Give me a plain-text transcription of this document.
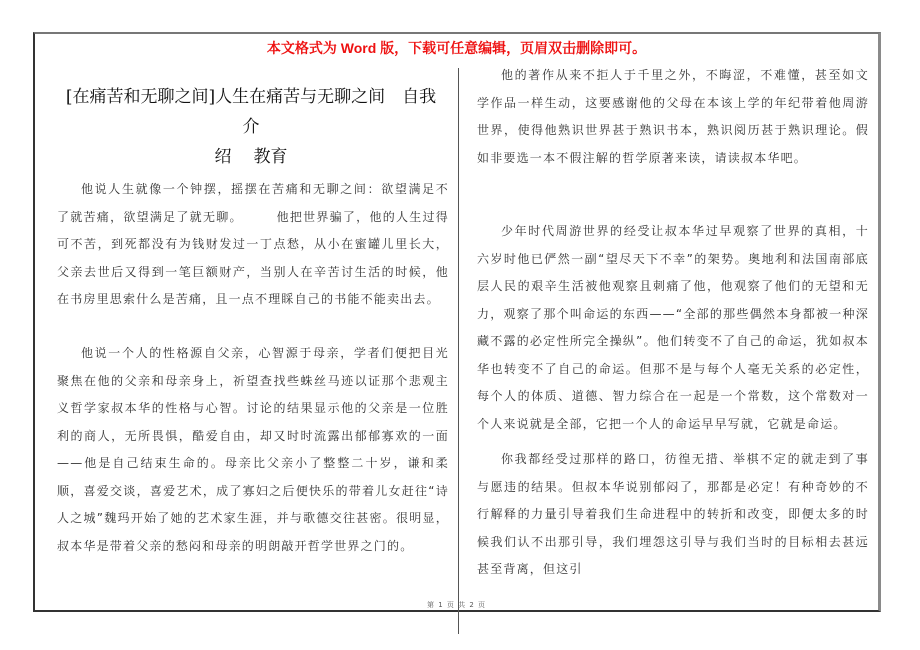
本文格式为 Word 版，下载可任意编辑，页眉双击删除即可。
[在痛苦和无聊之间]人生在痛苦与无聊之间　自我介
绍 教育

他说人生就像一个钟摆，摇摆在苦痛和无聊之间：欲望满足不了就苦痛，欲望满足了就无聊。　　　他把世界骗了，他的人生过得可不苦，到死都没有为钱财发过一丁点愁，从小在蜜罐儿里长大，父亲去世后又得到一笔巨额财产，当别人在辛苦讨生活的时候，他在书房里思索什么是苦痛，且一点不理睬自己的书能不能卖出去。

他说一个人的性格源自父亲，心智源于母亲，学者们便把目光聚焦在他的父亲和母亲身上，祈望查找些蛛丝马迹以证那个悲观主义哲学家叔本华的性格与心智。讨论的结果显示他的父亲是一位胜利的商人，无所畏惧，酷爱自由，却又时时流露出郁郁寡欢的一面——他是自己结束生命的。母亲比父亲小了整整二十岁，谦和柔顺，喜爱交谈，喜爱艺术，成了寡妇之后便快乐的带着儿女赶往“诗人之城”魏玛开始了她的艺术家生涯，并与歌德交往甚密。很明显，叔本华是带着父亲的愁闷和母亲的明朗敲开哲学世界之门的。

他的著作从来不拒人于千里之外，不晦涩，不难懂，甚至如文学作品一样生动，这要感谢他的父母在本该上学的年纪带着他周游世界，使得他熟识世界甚于熟识书本，熟识阅历甚于熟识理论。假如非要选一本不假注解的哲学原著来读，请读叔本华吧。

少年时代周游世界的经受让叔本华过早观察了世界的真相，十六岁时他已俨然一副“望尽天下不幸”的架势。奥地利和法国南部底层人民的艰辛生活被他观察且刺痛了他，他观察了他们的无望和无力，观察了那个叫命运的东西——“全部的那些偶然本身都被一种深藏不露的必定性所完全操纵”。他们转变不了自己的命运，犹如叔本华也转变不了自己的命运。但那不是与每个人毫无关系的必定性，每个人的体质、道德、智力综合在一起是一个常数，这个常数对一个人来说就是全部，它把一个人的命运早早写就，它就是命运。

你我都经受过那样的路口，彷徨无措、举棋不定的就走到了事与愿违的结果。但叔本华说别郁闷了，那都是必定！有种奇妙的不行解释的力量引导着我们生命进程中的转折和改变，即便太多的时候我们认不出那引导，我们埋怨这引导与我们当时的目标相去甚远甚至背离，但这引

第 1 页 共 2 页
